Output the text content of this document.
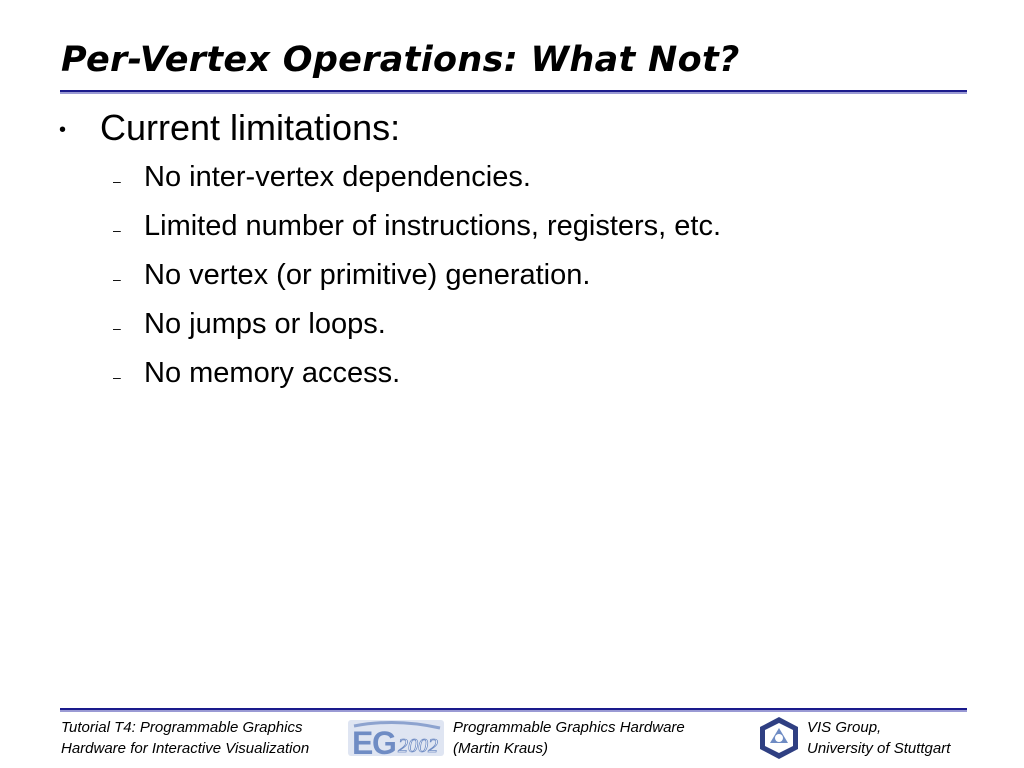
Per-Vertex Operations: What Not?
• Current limitations:
– No inter-vertex dependencies.
– Limited number of instructions, registers, etc.
– No vertex (or primitive) generation.
– No jumps or loops.
– No memory access.
Tutorial T4: Programmable Graphics
Hardware for Interactive Visualization E
G 2002
Programmable Graphics Hardware
(Martin Kraus)
VIS Group,
University of Stuttgart
